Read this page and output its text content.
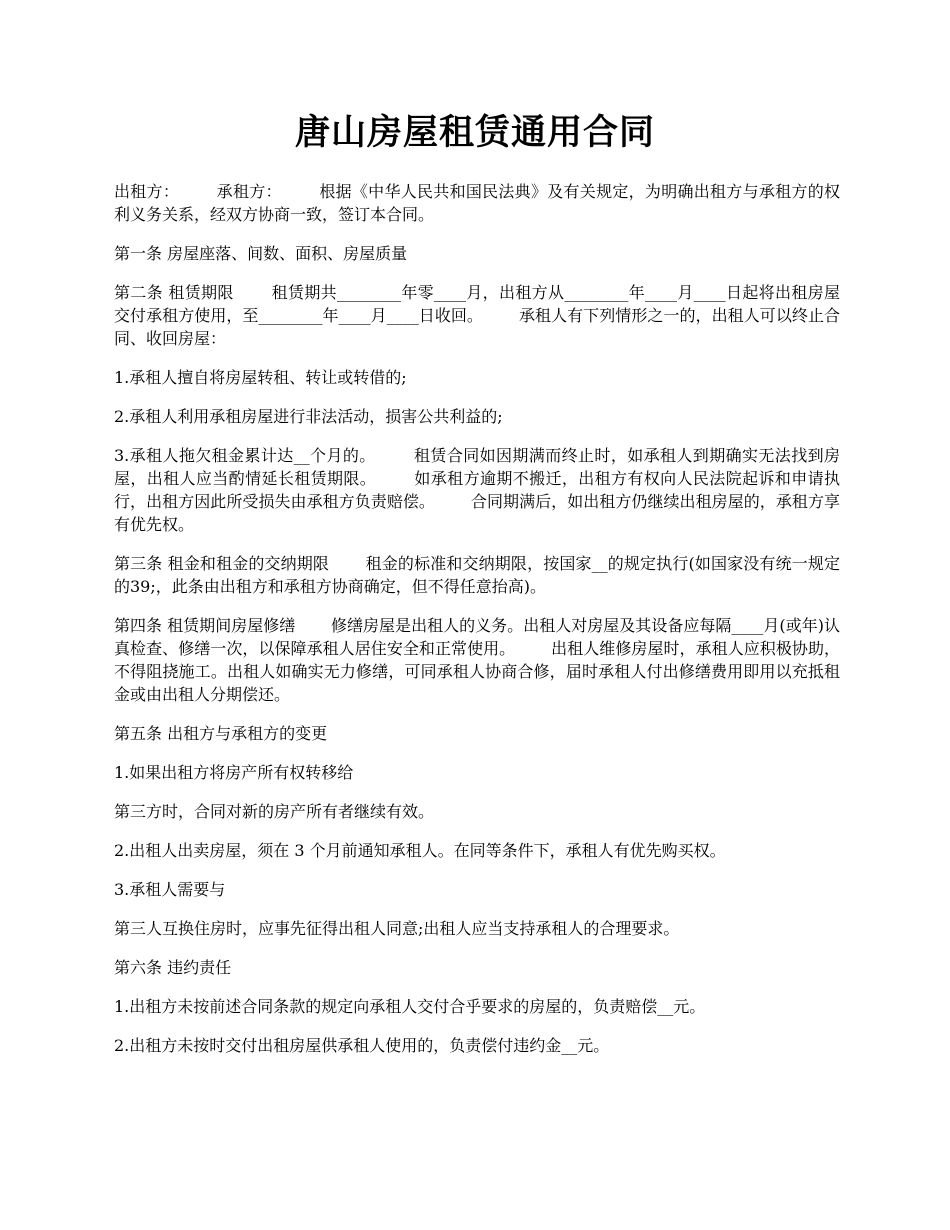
唐山房屋租赁通用合同

出租方：       承租方：       根据《中华人民共和国民法典》及有关规定，为明确出租方与承租方的权 利义务关系，经双方协商一致，签订本合同。

第一条 房屋座落、间数、面积、房屋质量

第二条 租赁期限       租赁期共________年零____月，出租方从________年____月____日起将出租房屋交付承租方使用，至________年____月____日收回。       承租人有下列情形之一的，出租人可以终止合同、收回房屋：

1.承租人擅自将房屋转租、转让或转借的;

2.承租人利用承租房屋进行非法活动，损害公共利益的;

3.承租人拖欠租金累计达__个月的。       租赁合同如因期满而终止时，如承租人到期确实无法找到房屋，出租人应当酌情延长租赁期限。       如承租方逾期不搬迁，出租方有权向人民法院起诉和申请执行，出租方因此所受损失由承租方负责赔偿。       合同期满后，如出租方仍继续出租房屋的，承租方享有优先权。

第三条 租金和租金的交纳期限       租金的标准和交纳期限，按国家__的规定执行(如国家没有统一规定的39;，此条由出租方和承租方协商确定，但不得任意抬高)。

第四条 租赁期间房屋修缮       修缮房屋是出租人的义务。出租人对房屋及其设备应每隔____月(或年)认真检查、修缮一次，以保障承租人居住安全和正常使用。       出租人维修房屋时，承租人应积极协助，不得阻挠施工。出租人如确实无力修缮，可同承租人协商合修，届时承租人付出修缮费用即用以充抵租金或由出租人分期偿还。

第五条 出租方与承租方的变更

1.如果出租方将房产所有权转移给

第三方时，合同对新的房产所有者继续有效。

2.出租人出卖房屋，须在 3 个月前通知承租人。在同等条件下，承租人有优先购买权。

3.承租人需要与

第三人互换住房时，应事先征得出租人同意;出租人应当支持承租人的合理要求。

第六条 违约责任

1.出租方未按前述合同条款的规定向承租人交付合乎要求的房屋的，负责赔偿__元。

2.出租方未按时交付出租房屋供承租人使用的，负责偿付违约金__元。
